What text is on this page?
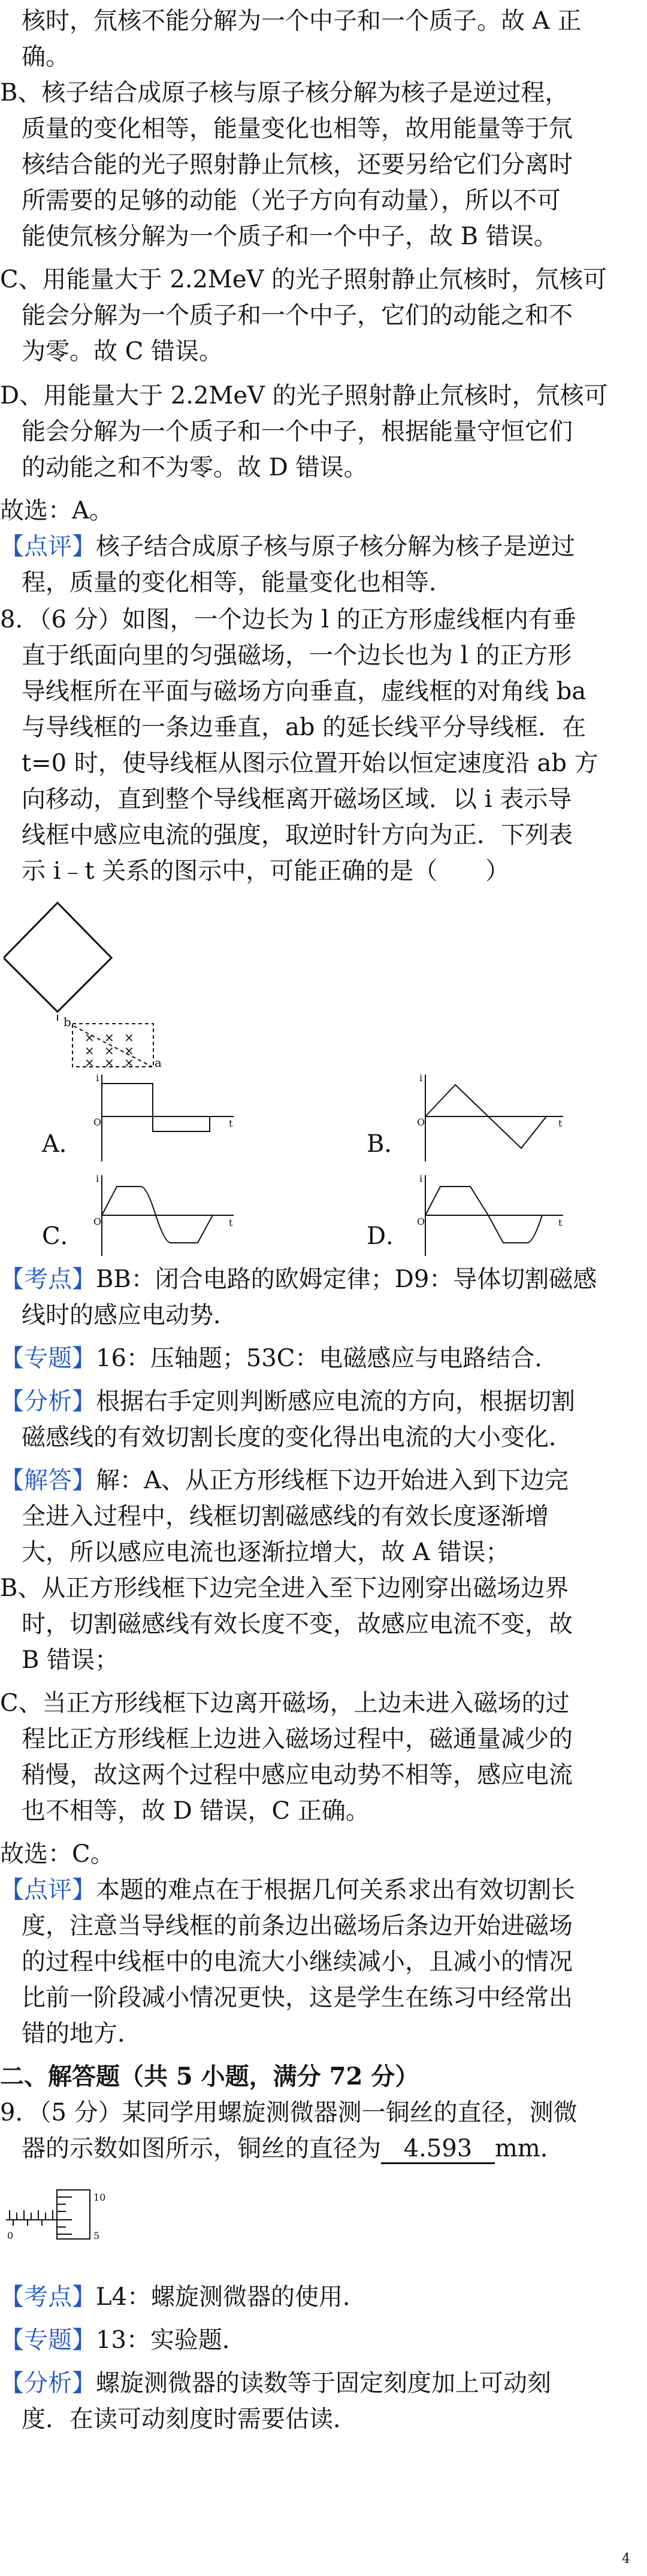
核时，氘核不能分解为一个中子和一个质子。故 A 正
确。
B、核子结合成原子核与原子核分解为核子是逆过程，
质量的变化相等，能量变化也相等，故用能量等于氘
核结合能的光子照射静止氘核，还要另给它们分离时
所需要的足够的动能（光子方向有动量），所以不可
能使氘核分解为一个质子和一个中子，故 B 错误。
C、用能量大于 2.2MeV 的光子照射静止氘核时，氘核可
能会分解为一个质子和一个中子，它们的动能之和不
为零。故 C 错误。
D、用能量大于 2.2MeV 的光子照射静止氘核时，氘核可
能会分解为一个质子和一个中子，根据能量守恒它们
的动能之和不为零。故 D 错误。
故选：A。
【点评】核子结合成原子核与原子核分解为核子是逆过
程，质量的变化相等，能量变化也相等．
8．（6 分）如图，一个边长为 l 的正方形虚线框内有垂
直于纸面向里的匀强磁场，一个边长也为 l 的正方形
导线框所在平面与磁场方向垂直，虚线框的对角线 ba
与导线框的一条边垂直，ab 的延长线平分导线框．在
t=0 时，使导线框从图示位置开始以恒定速度沿 ab 方
向移动，直到整个导线框离开磁场区域．以 i 表示导
线框中感应电流的强度，取逆时针方向为正．下列表
示 i﹣t 关系的图示中，可能正确的是（　　）
b
× × ×
× × ×
× × × a
A．
i
t
O
B．
i
t
O
C．
i
t
O
D．
i
t
O
【考点】BB：闭合电路的欧姆定律；D9：导体切割磁感
线时的感应电动势．
【专题】16：压轴题；53C：电磁感应与电路结合．
【分析】根据右手定则判断感应电流的方向，根据切割
磁感线的有效切割长度的变化得出电流的大小变化．
【解答】解：A、从正方形线框下边开始进入到下边完
全进入过程中，线框切割磁感线的有效长度逐渐增
大，所以感应电流也逐渐拉增大，故 A 错误；
B、从正方形线框下边完全进入至下边刚穿出磁场边界
时，切割磁感线有效长度不变，故感应电流不变，故
B 错误；
C、当正方形线框下边离开磁场，上边未进入磁场的过
程比正方形线框上边进入磁场过程中，磁通量减少的
稍慢，故这两个过程中感应电动势不相等，感应电流
也不相等，故 D 错误，C 正确。
故选：C。
【点评】本题的难点在于根据几何关系求出有效切割长
度，注意当导线框的前条边出磁场后条边开始进磁场
的过程中线框中的电流大小继续减小，且减小的情况
比前一阶段减小情况更快，这是学生在练习中经常出
错的地方．
二、解答题（共 5 小题，满分 72 分）
9．（5 分）某同学用螺旋测微器测一铜丝的直径，测微
器的示数如图所示，铜丝的直径为 4.593 mm．
10
5
0
【考点】L4：螺旋测微器的使用．
【专题】13：实验题．
【分析】螺旋测微器的读数等于固定刻度加上可动刻
度．在读可动刻度时需要估读．
4
